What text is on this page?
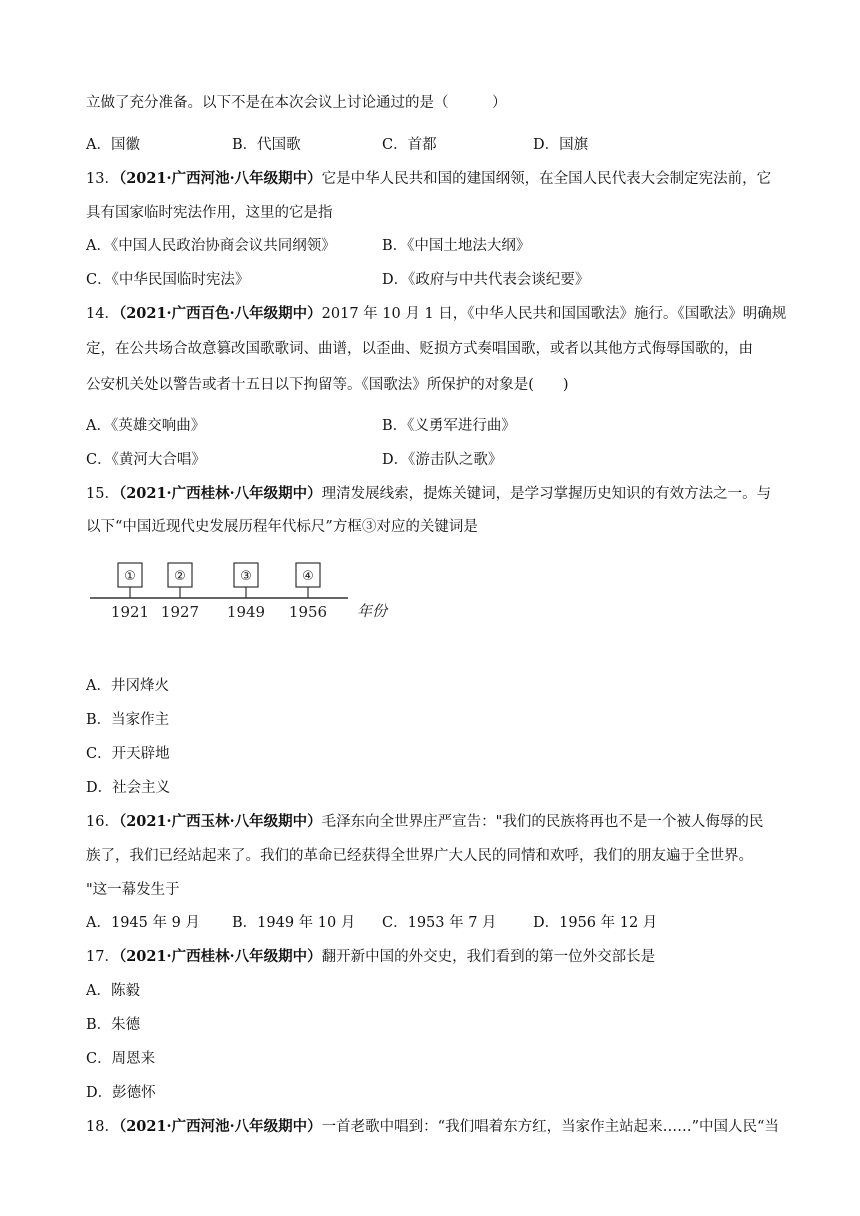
立做了充分准备。以下不是在本次会议上讨论通过的是（　　　）
A．国徽	B．代国歌	C．首都	D．国旗
13．（2021·广西河池·八年级期中）它是中华人民共和国的建国纲领，在全国人民代表大会制定宪法前，它
具有国家临时宪法作用，这里的它是指
A．《中国人民政治协商会议共同纲领》	B．《中国土地法大纲》
C．《中华民国临时宪法》	D．《政府与中共代表会谈纪要》
14．（2021·广西百色·八年级期中）2017 年 10 月 1 日，《中华人民共和国国歌法》施行。《国歌法》明确规
定，在公共场合故意篡改国歌歌词、曲谱，以歪曲、贬损方式奏唱国歌，或者以其他方式侮辱国歌的，由
公安机关处以警告或者十五日以下拘留等。《国歌法》所保护的对象是(　　)
A．《英雄交响曲》	B．《义勇军进行曲》
C．《黄河大合唱》	D．《游击队之歌》
15．（2021·广西桂林·八年级期中）理清发展线索，提炼关键词，是学习掌握历史知识的有效方法之一。与
以下“中国近现代史发展历程年代标尺”方框③对应的关键词是
①
1921
②
1927
③
1949
④
1956 年份
A．井冈烽火
B．当家作主
C．开天辟地
D．社会主义
16．（2021·广西玉林·八年级期中）毛泽东向全世界庄严宣告："我们的民族将再也不是一个被人侮辱的民
族了，我们已经站起来了。我们的革命已经获得全世界广大人民的同情和欢呼，我们的朋友遍于全世界。
"这一幕发生于
A．1945 年 9 月 B．1949 年 10 月 C．1953 年 7 月	D．1956 年 12 月
17．（2021·广西桂林·八年级期中）翻开新中国的外交史，我们看到的第一位外交部长是
A．陈毅
B．朱德
C．周恩来
D．彭德怀
18．（2021·广西河池·八年级期中）一首老歌中唱到：“我们唱着东方红，当家作主站起来……”中国人民“当
